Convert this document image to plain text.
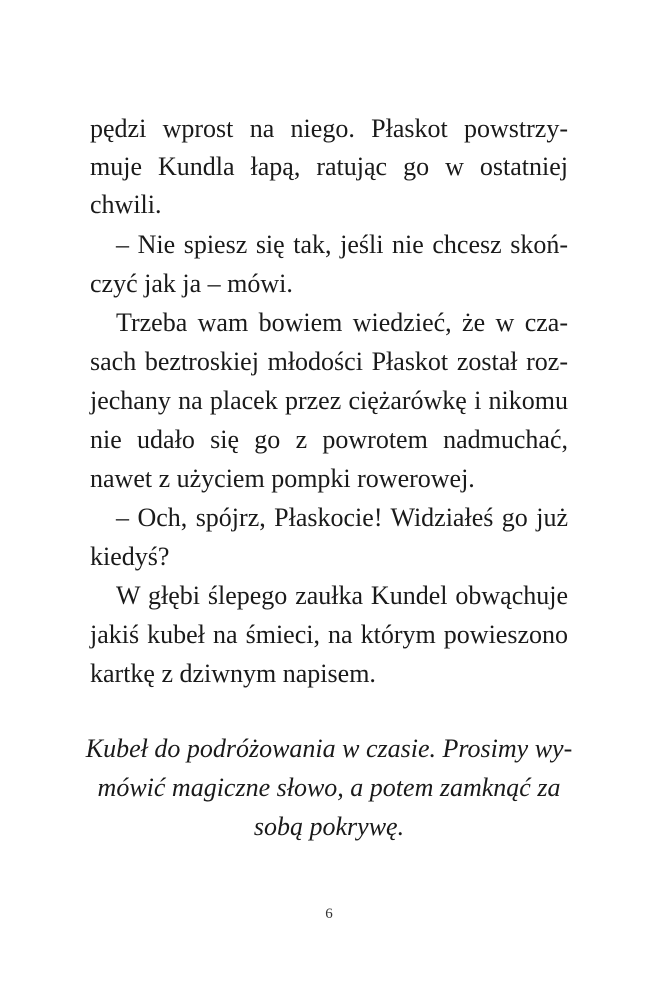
pędzi wprost na niego. Płaskot powstrzy-
muje Kundla łapą, ratując go w ostatniej
chwili.
– Nie spiesz się tak, jeśli nie chcesz skoń-
czyć jak ja – mówi.
Trzeba wam bowiem wiedzieć, że w cza-
sach beztroskiej młodości Płaskot został roz-
jechany na placek przez ciężarówkę i nikomu
nie udało się go z powrotem nadmuchać,
nawet z użyciem pompki rowerowej.
– Och, spójrz, Płaskocie! Widziałeś go już
kiedyś?
W głębi ślepego zaułka Kundel obwąchuje
jakiś kubeł na śmieci, na którym powieszono
kartkę z dziwnym napisem.
Kubeł do podróżowania w czasie. Prosimy wy-
mówić magiczne słowo, a potem zamknąć za
sobą pokrywę.
6
